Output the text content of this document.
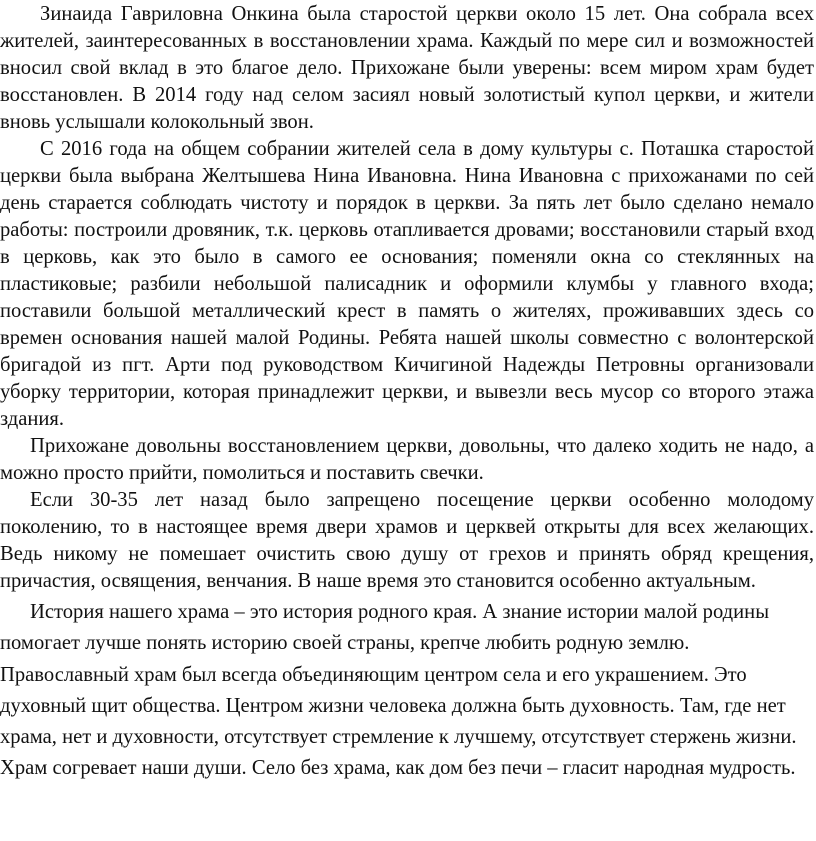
Зинаида Гавриловна Онкина была старостой церкви около 15 лет. Она собрала всех жителей, заинтересованных в восстановлении храма. Каждый по мере сил и возможностей вносил свой вклад в это благое дело. Прихожане были уверены: всем миром храм будет восстановлен. В 2014 году над селом засиял новый золотистый купол церкви, и жители вновь услышали колокольный звон.

С 2016 года на общем собрании жителей села в дому культуры с. Поташка старостой церкви была выбрана Желтышева Нина Ивановна. Нина Ивановна с прихожанами по сей день старается соблюдать чистоту и порядок в церкви. За пять лет было сделано немало работы: построили дровяник, т.к. церковь отапливается дровами; восстановили старый вход в церковь, как это было в самого ее основания; поменяли окна со стеклянных на пластиковые; разбили небольшой палисадник и оформили клумбы у главного входа; поставили большой металлический крест в память о жителях, проживавших здесь со времен основания нашей малой Родины. Ребята нашей школы совместно с волонтерской бригадой из пгт. Арти под руководством Кичигиной Надежды Петровны организовали уборку территории, которая принадлежит церкви, и вывезли весь мусор со второго этажа здания.

Прихожане довольны восстановлением церкви, довольны, что далеко ходить не надо, а можно просто прийти, помолиться и поставить свечки.

Если 30-35 лет назад было запрещено посещение церкви особенно молодому поколению, то в настоящее время двери храмов и церквей открыты для всех желающих. Ведь никому не помешает очистить свою душу от грехов и принять обряд крещения, причастия, освящения, венчания. В наше время это становится особенно актуальным.

История нашего храма – это история родного края. А знание истории малой родины помогает лучше понять историю своей страны, крепче любить родную землю. Православный храм был всегда объединяющим центром села и его украшением. Это духовный щит общества. Центром жизни человека должна быть духовность. Там, где нет храма, нет и духовности, отсутствует стремление к лучшему, отсутствует стержень жизни. Храм согревает наши души. Село без храма, как дом без печи – гласит народная мудрость.
